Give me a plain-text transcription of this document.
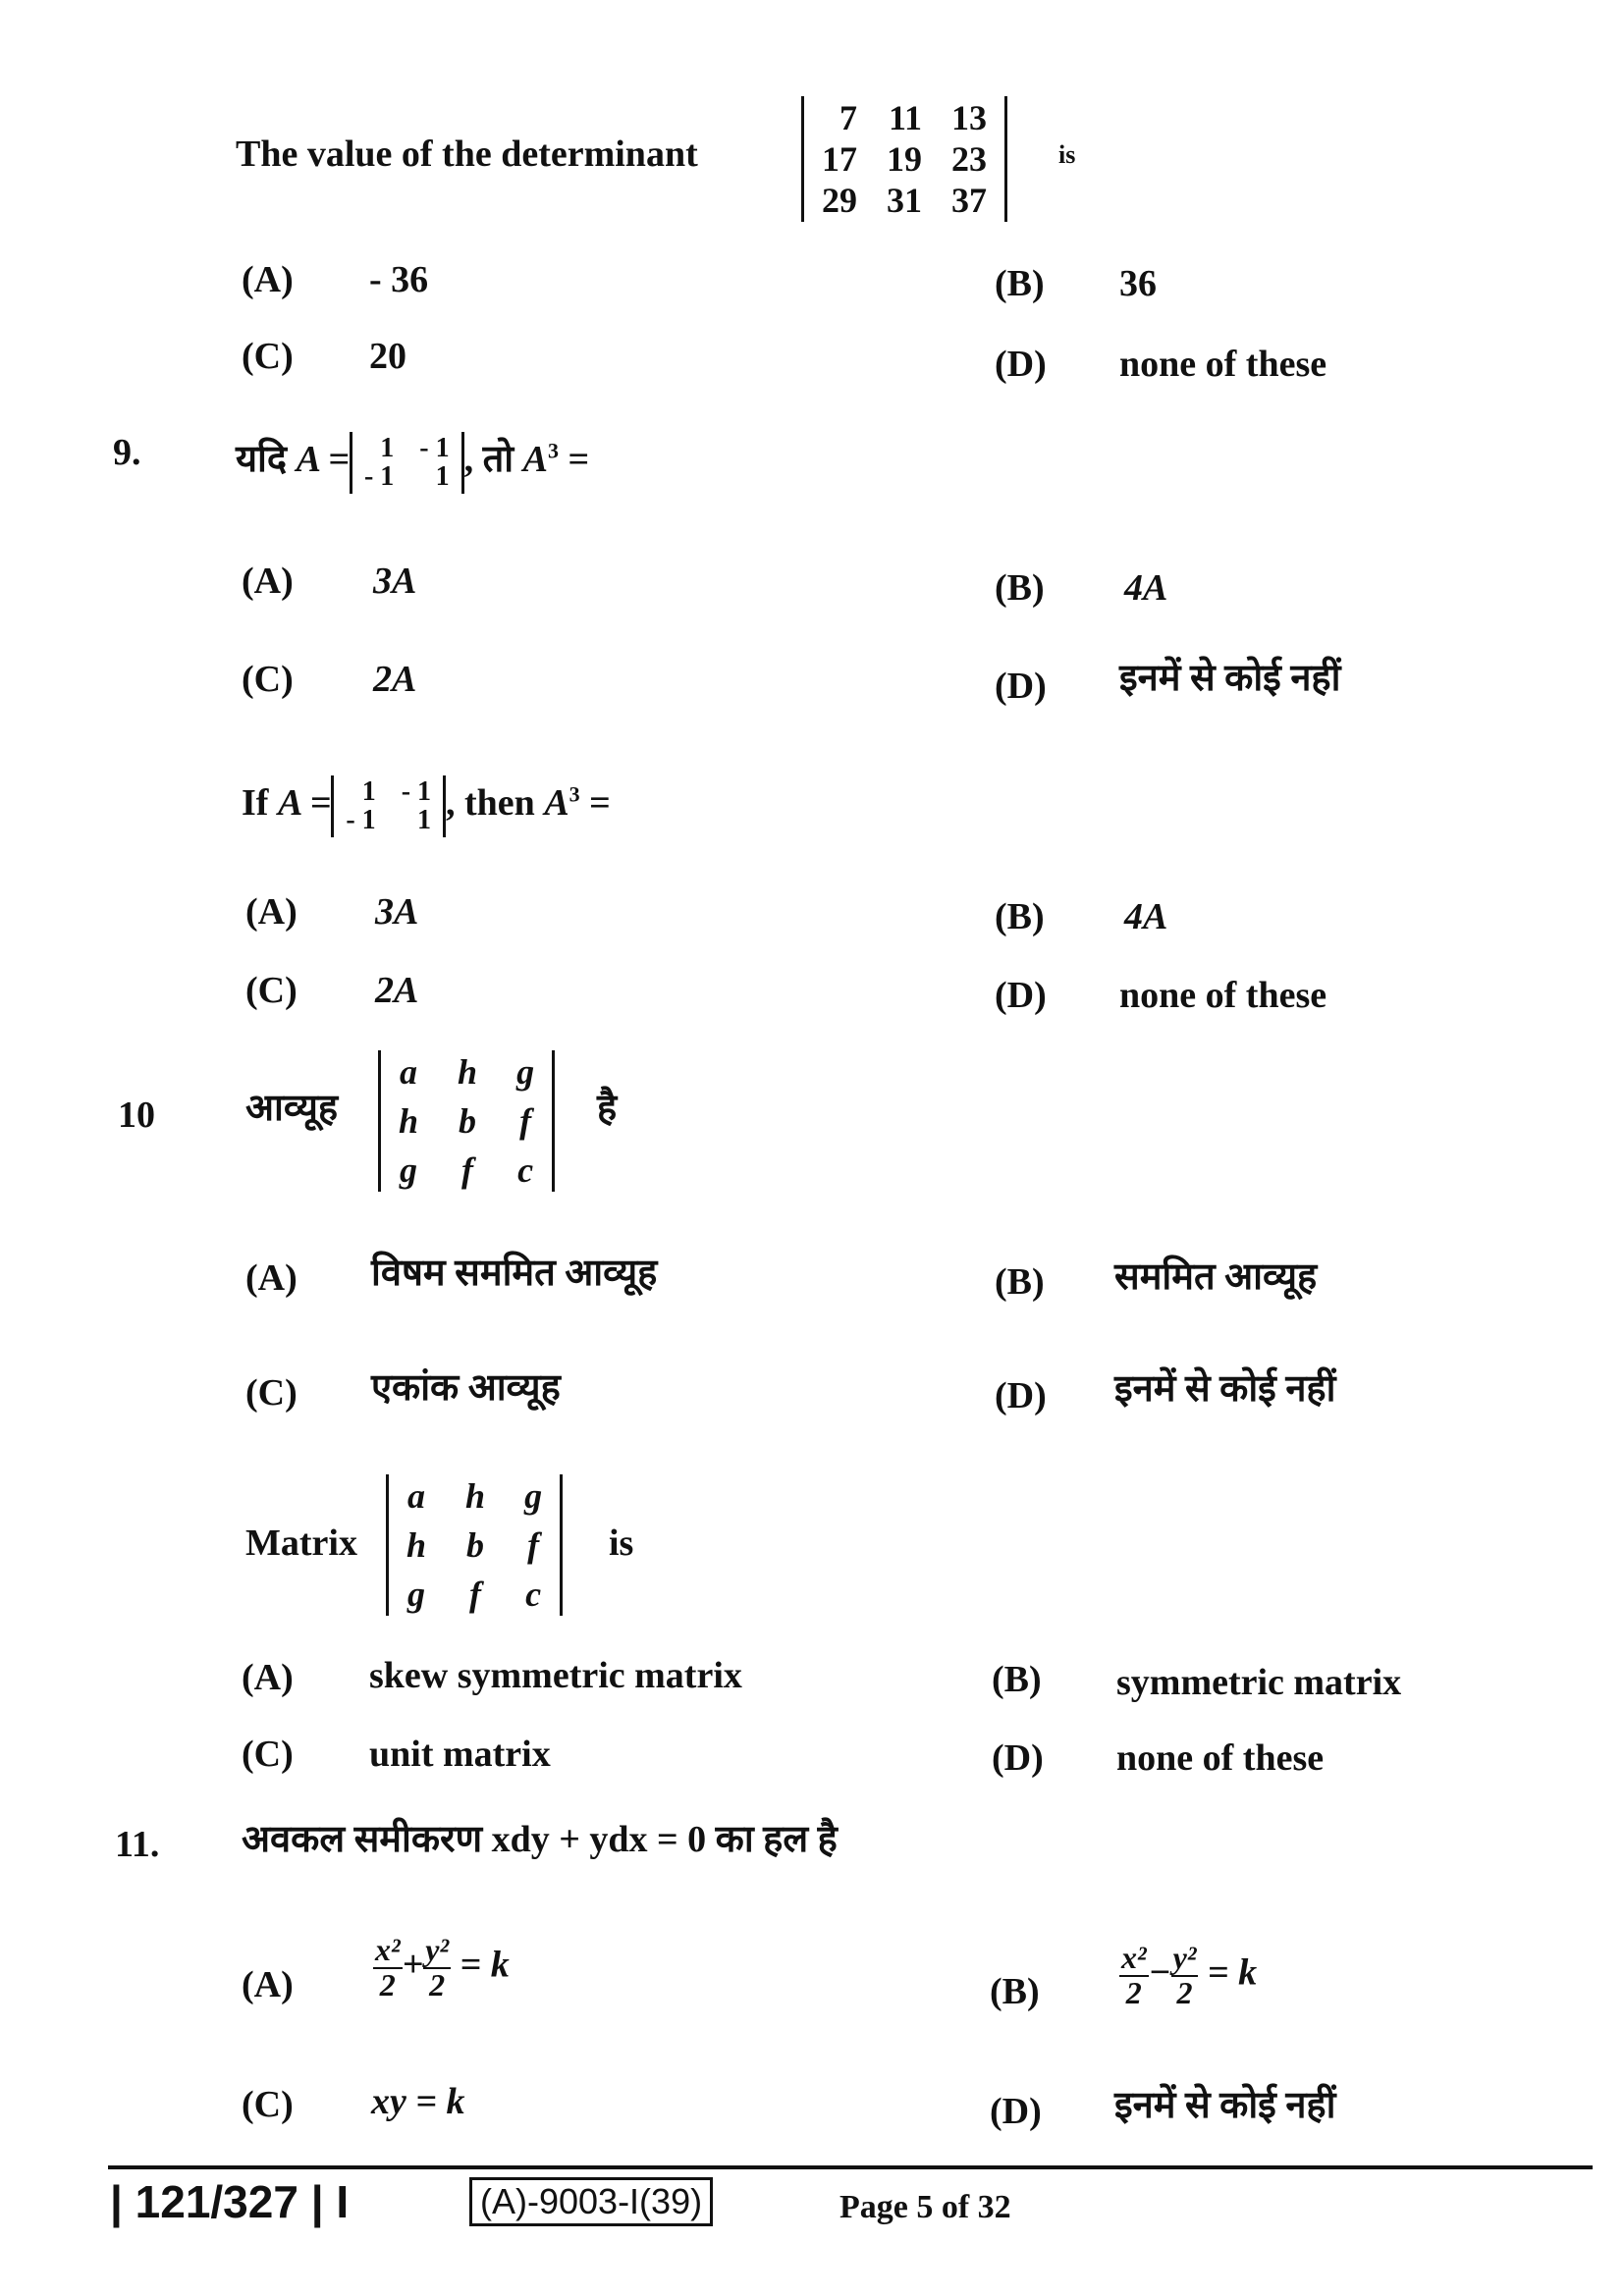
The value of the determinant
7 11 13
17 19 23
29 31 37
is
(A) - 36	(B) 36
(C) 20	(D) none of these
9.	यदि A =	1 - 1
- 1	1 , तो $A^3$ =
(A) 3A	(B) 4A
(C) 2A	(D) इनमें से कोई नहीं
If A =	1 - 1
- 1	1 , then $A^3$ =
(A) 3A	(B) 4A
(C) 2A	(D) none of these
10 आव्यूह
a h g
h b f
g f c
है
(A) विषम सममित आव्यूह	(B) सममित आव्यूह
(C) एकांक आव्यूह	(D) इनमें से कोई नहीं
Matrix
a h g
h b f
g f c
is
(A) skew symmetric matrix	(B) symmetric matrix
(C) unit matrix	(D) none of these
11. अवकल समीकरण xdy + ydx = 0 का हल है
(A)	$\frac{\text{x²}}{2} + \frac{\text{y²}}{2} = k$
(B)	$\frac{\text{x²}}{2} - \frac{\text{y²}}{2} = k$
(C) xy = k	(D) इनमें से कोई नहीं
| 121/327 | I	(A)-9003-I(39)	Page 5 of 32
